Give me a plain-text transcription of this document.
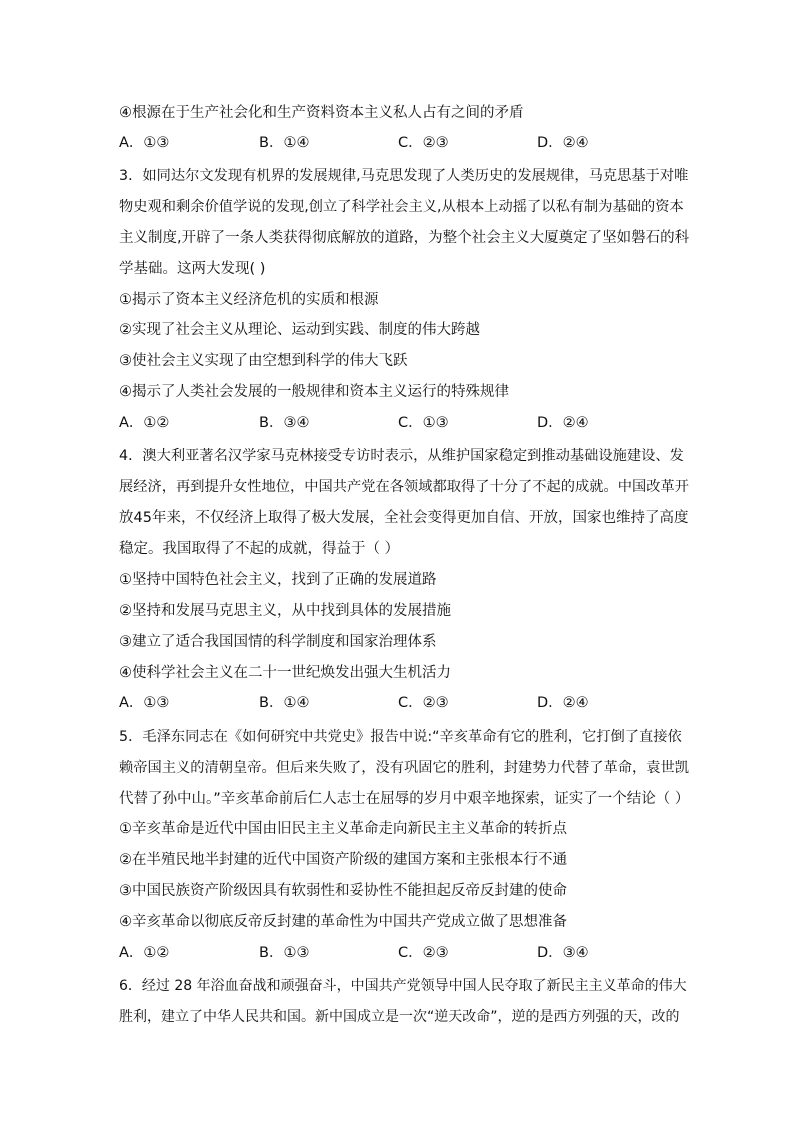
④根源在于生产社会化和生产资料资本主义私人占有之间的矛盾
A．①③	B．①④	C．②③	D．②④
3．如同达尔文发现有机界的发展规律,马克思发现了人类历史的发展规律，马克思基于对唯
物史观和剩余价值学说的发现,创立了科学社会主义,从根本上动摇了以私有制为基础的资本
主义制度,开辟了一条人类获得彻底解放的道路，为整个社会主义大厦奠定了坚如磐石的科
学基础。这两大发现( )
①揭示了资本主义经济危机的实质和根源
②实现了社会主义从理论、运动到实践、制度的伟大跨越
③使社会主义实现了由空想到科学的伟大飞跃
④揭示了人类社会发展的一般规律和资本主义运行的特殊规律
A．①②	B．③④	C．①③	D．②④
4．澳大利亚著名汉学家马克林接受专访时表示，从维护国家稳定到推动基础设施建设、发
展经济，再到提升女性地位，中国共产党在各领域都取得了十分了不起的成就。中国改革开
放45年来，不仅经济上取得了极大发展，全社会变得更加自信、开放，国家也维持了高度
稳定。我国取得了不起的成就，得益于（ ）
①坚持中国特色社会主义，找到了正确的发展道路
②坚持和发展马克思主义，从中找到具体的发展措施
③建立了适合我国国情的科学制度和国家治理体系
④使科学社会主义在二十一世纪焕发出强大生机活力
A．①③	B．①④	C．②③	D．②④
5．毛泽东同志在《如何研究中共党史》报告中说:“辛亥革命有它的胜利，它打倒了直接依
赖帝国主义的清朝皇帝。但后来失败了，没有巩固它的胜利，封建势力代替了革命，袁世凯
代替了孙中山。”辛亥革命前后仁人志士在屈辱的岁月中艰辛地探索，证实了一个结论（ ）
①辛亥革命是近代中国由旧民主主义革命走向新民主主义革命的转折点
②在半殖民地半封建的近代中国资产阶级的建国方案和主张根本行不通
③中国民族资产阶级因具有软弱性和妥协性不能担起反帝反封建的使命
④辛亥革命以彻底反帝反封建的革命性为中国共产党成立做了思想准备
A．①②	B．①③	C．②③	D．③④
6．经过 28 年浴血奋战和顽强奋斗，中国共产党领导中国人民夺取了新民主主义革命的伟大
胜利，建立了中华人民共和国。新中国成立是一次“逆天改命”，逆的是西方列强的天，改的
